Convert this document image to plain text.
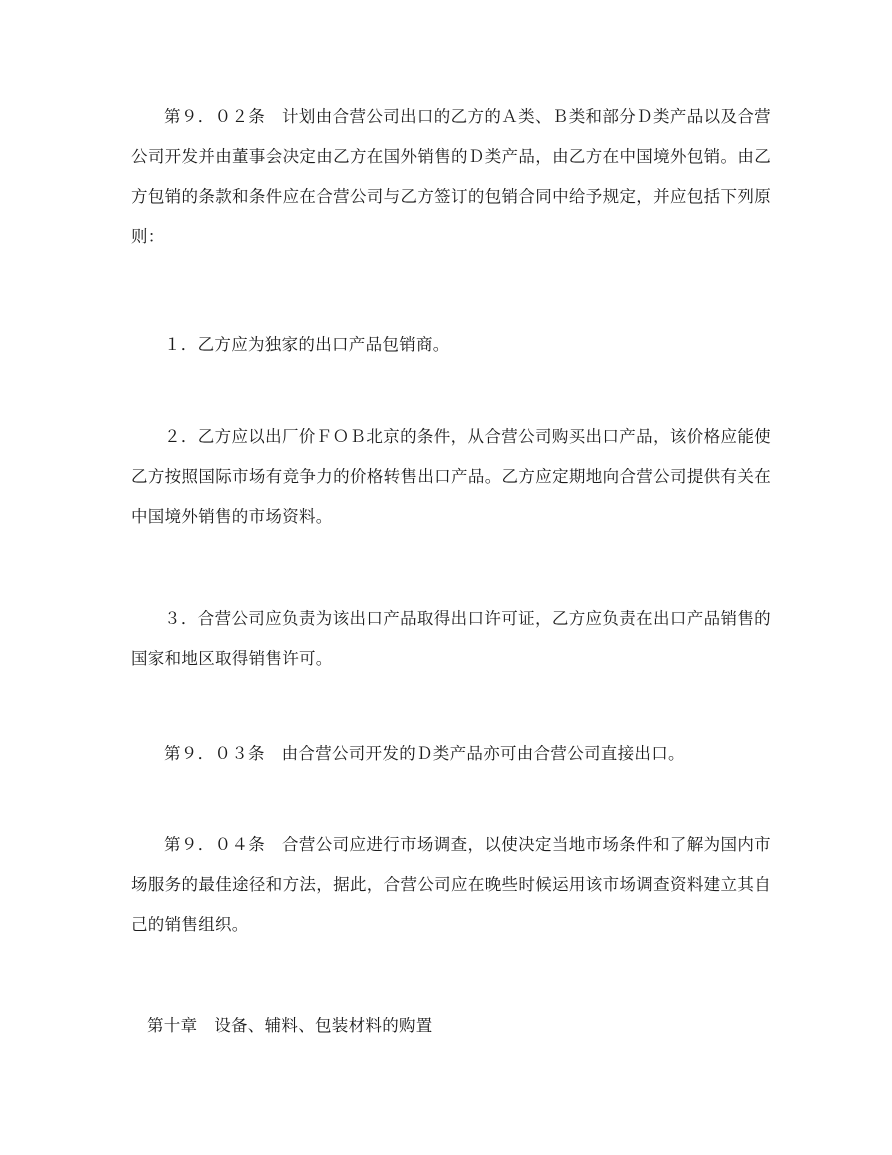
第９．０２条　计划由合营公司出口的乙方的Ａ类、Ｂ类和部分Ｄ类产品以及合营公司开发并由董事会决定由乙方在国外销售的Ｄ类产品，由乙方在中国境外包销。由乙方包销的条款和条件应在合营公司与乙方签订的包销合同中给予规定，并应包括下列原则：

１．乙方应为独家的出口产品包销商。

２．乙方应以出厂价ＦＯＢ北京的条件，从合营公司购买出口产品，该价格应能使乙方按照国际市场有竞争力的价格转售出口产品。乙方应定期地向合营公司提供有关在中国境外销售的市场资料。

３．合营公司应负责为该出口产品取得出口许可证，乙方应负责在出口产品销售的国家和地区取得销售许可。

第９．０３条　由合营公司开发的Ｄ类产品亦可由合营公司直接出口。

第９．０４条　合营公司应进行市场调查，以使决定当地市场条件和了解为国内市场服务的最佳途径和方法，据此，合营公司应在晚些时候运用该市场调查资料建立其自己的销售组织。

第十章　设备、辅料、包装材料的购置
